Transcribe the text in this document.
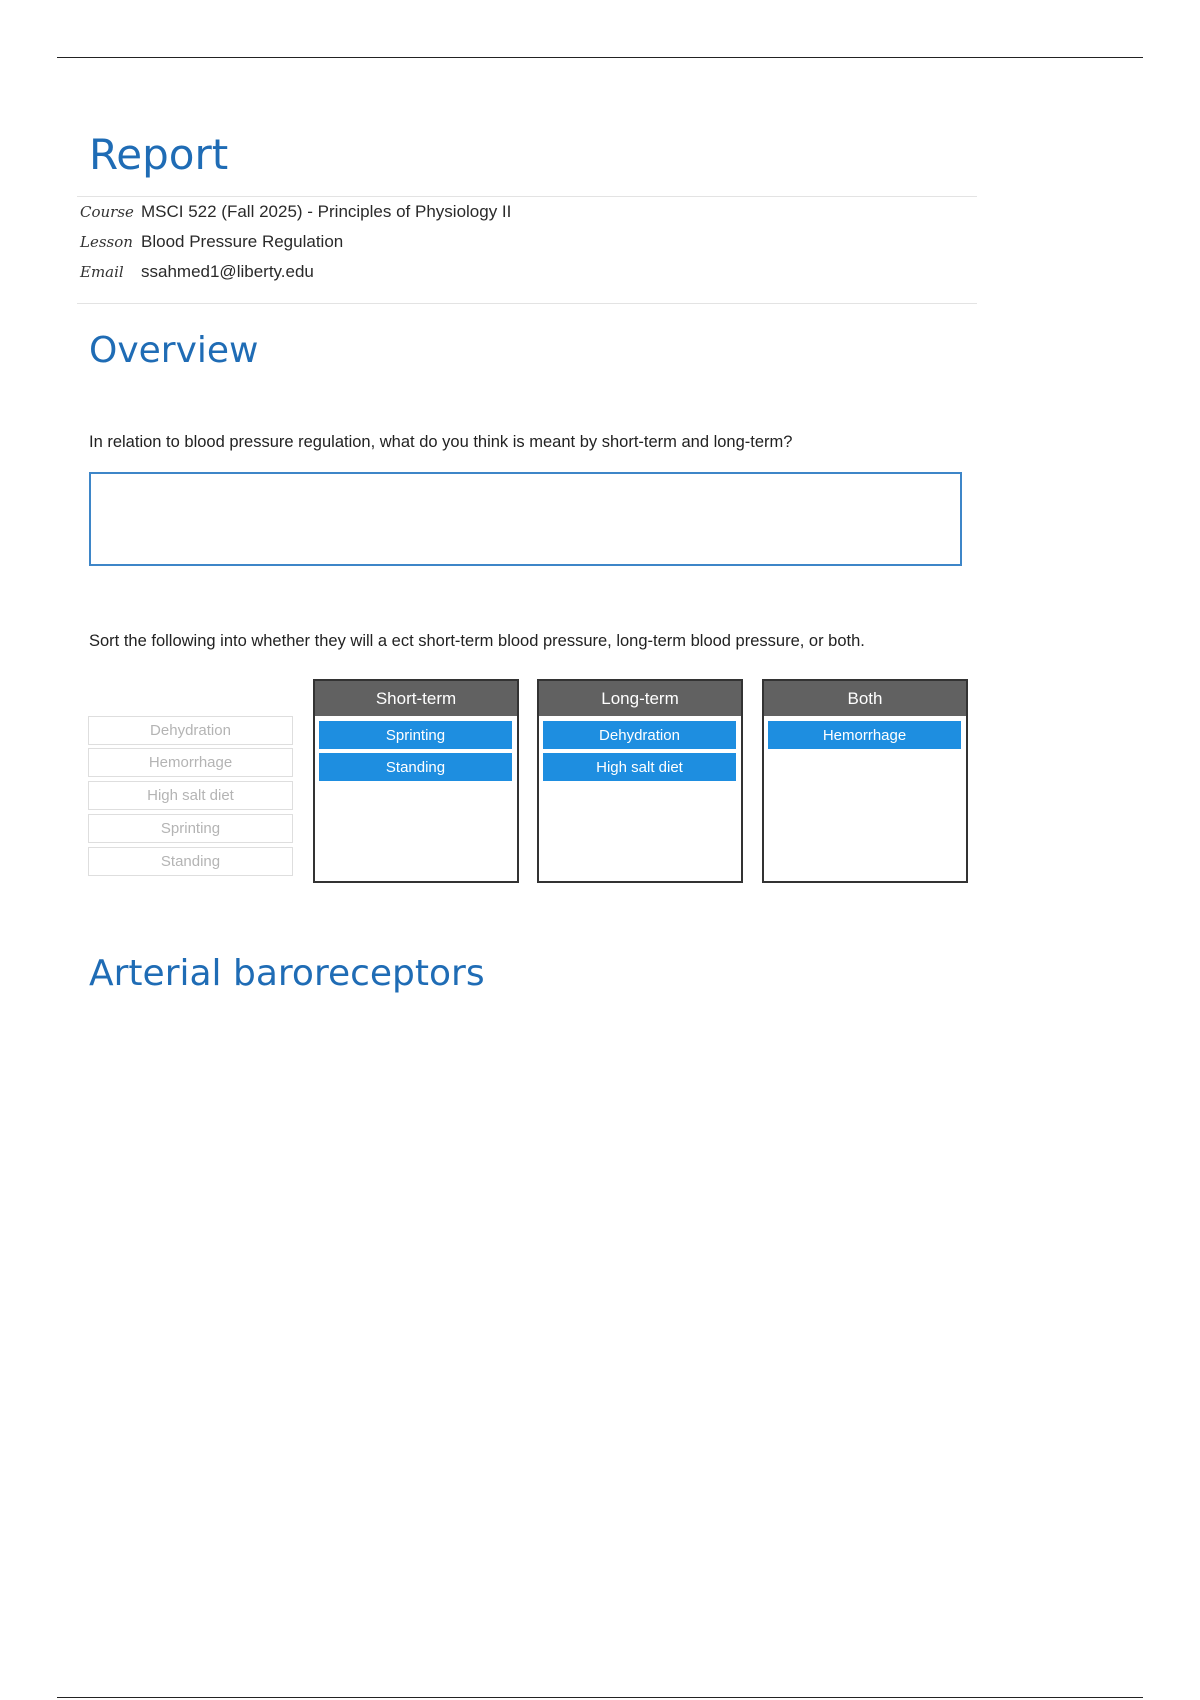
Report
Course MSCI 522 (Fall 2025) - Principles of Physiology II
Lesson Blood Pressure Regulation
Email	ssahmed1@liberty.edu
Overview
In relation to blood pressure regulation, what do you think is meant by short-term and long-term?
Sort the following into whether they will a ect short-term blood pressure, long-term blood pressure, or both.
Dehydration
Hemorrhage
High salt diet
Sprinting
Standing
Short-term
Sprinting
Standing
Long-term
Dehydration
High salt diet
Both
Hemorrhage
Arterial baroreceptors
